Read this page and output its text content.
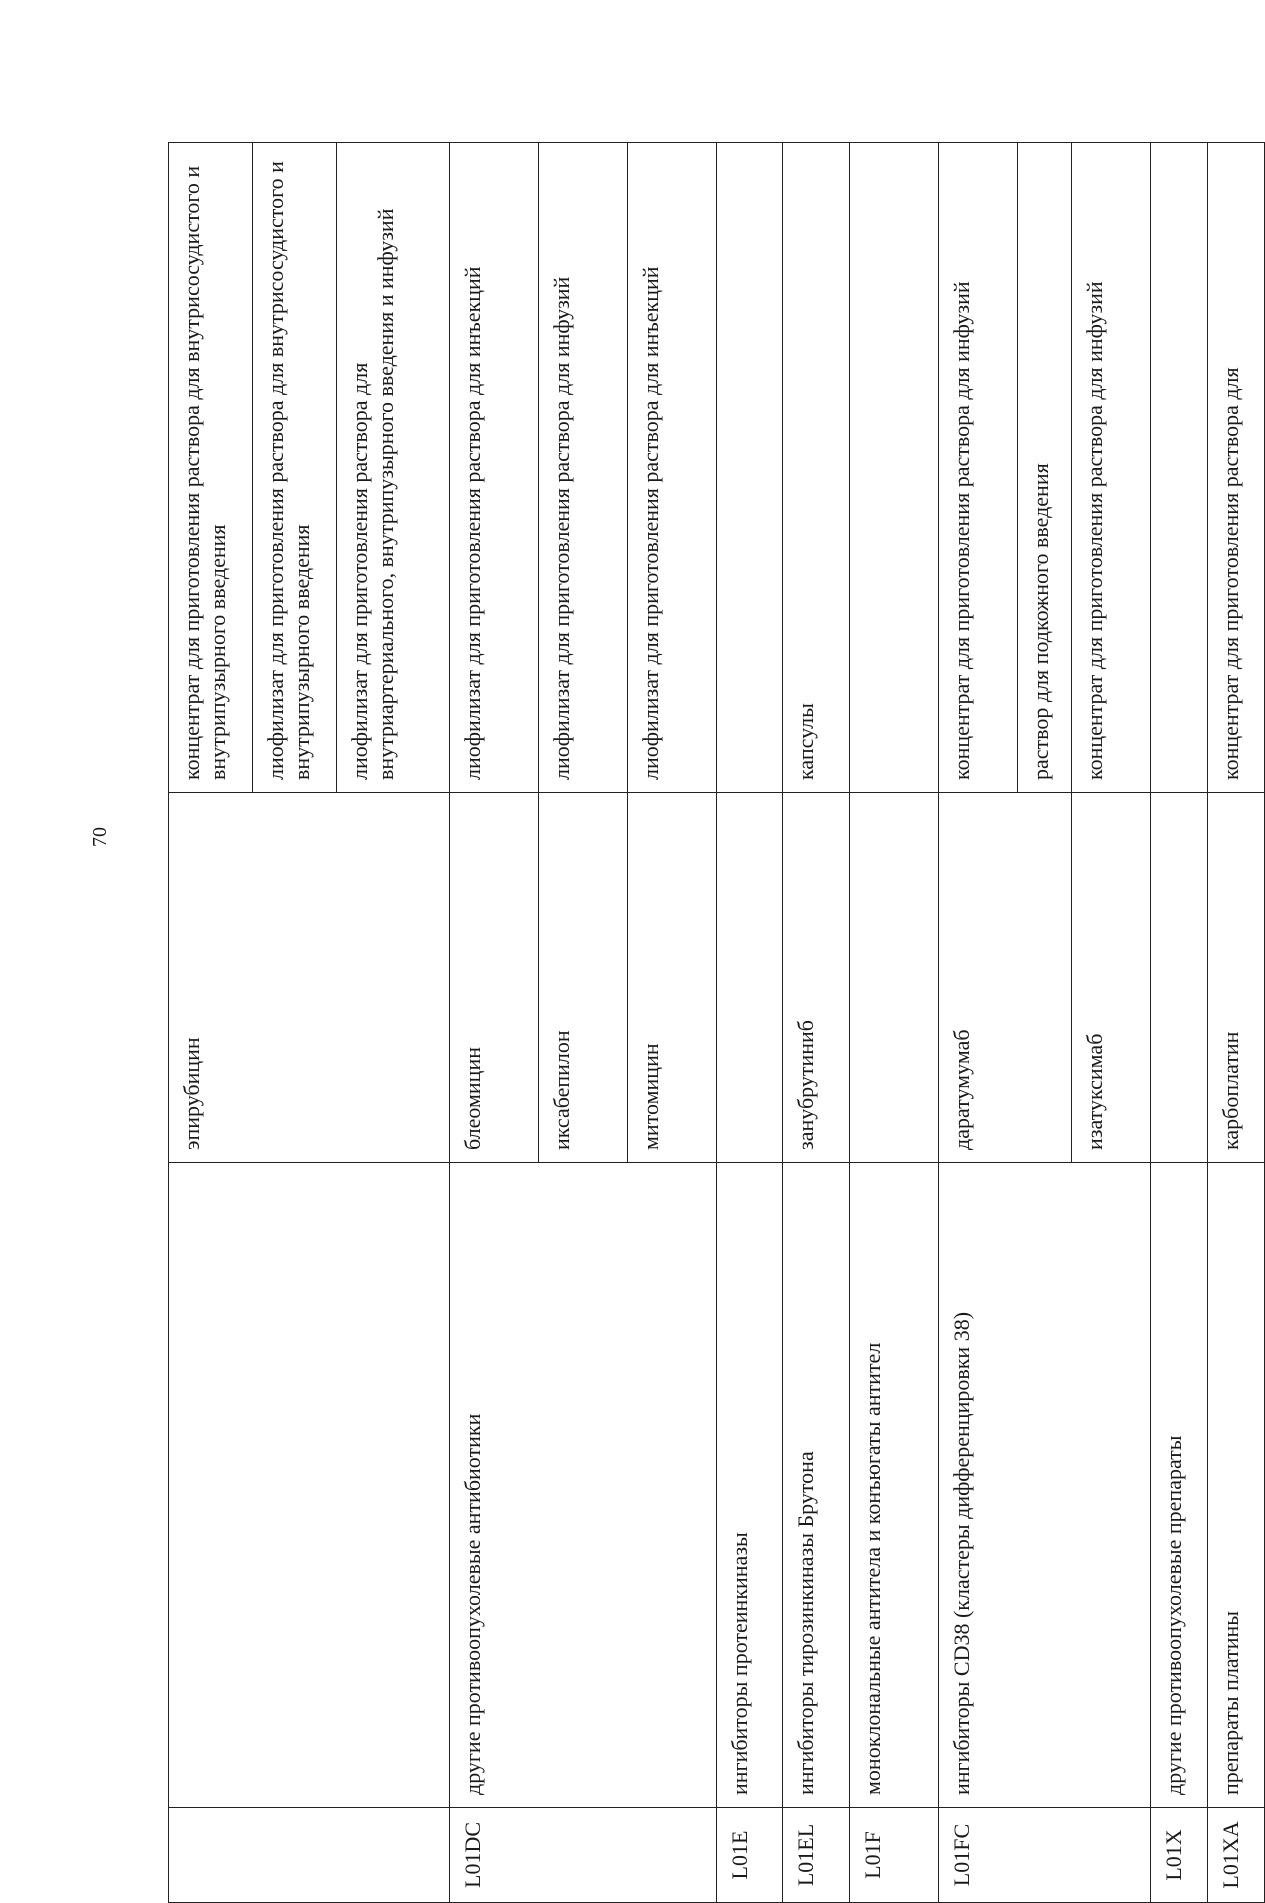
70
		эпирубицин	концентрат для приготовления раствора для внутрисосудистого и внутрипузырного введения
			лиофилизат для приготовления раствора для внутрисосудистого и внутрипузырного введения
			лиофилизат для приготовления раствора для внутриартериального, внутрипузырного введения и инфузий
L01DC	другие противоопухолевые антибиотики	блеомицин	лиофилизат для приготовления раствора для инъекций
		иксабепилон	лиофилизат для приготовления раствора для инфузий
		митомицин	лиофилизат для приготовления раствора для инъекций
L01E	ингибиторы протеинкиназы		
L01EL	ингибиторы тирозинкиназы Брутона	занубрутиниб	капсулы
L01F	моноклональные антитела и конъюгаты антител		
L01FC	ингибиторы CD38 (кластеры дифференцировки 38)	даратумумаб	концентрат для приготовления раствора для инфузий
			раствор для подкожного введения
		изатуксимаб	концентрат для приготовления раствора для инфузий
L01X	другие противоопухолевые препараты		
L01XA	препараты платины	карбоплатин	концентрат для приготовления раствора для
